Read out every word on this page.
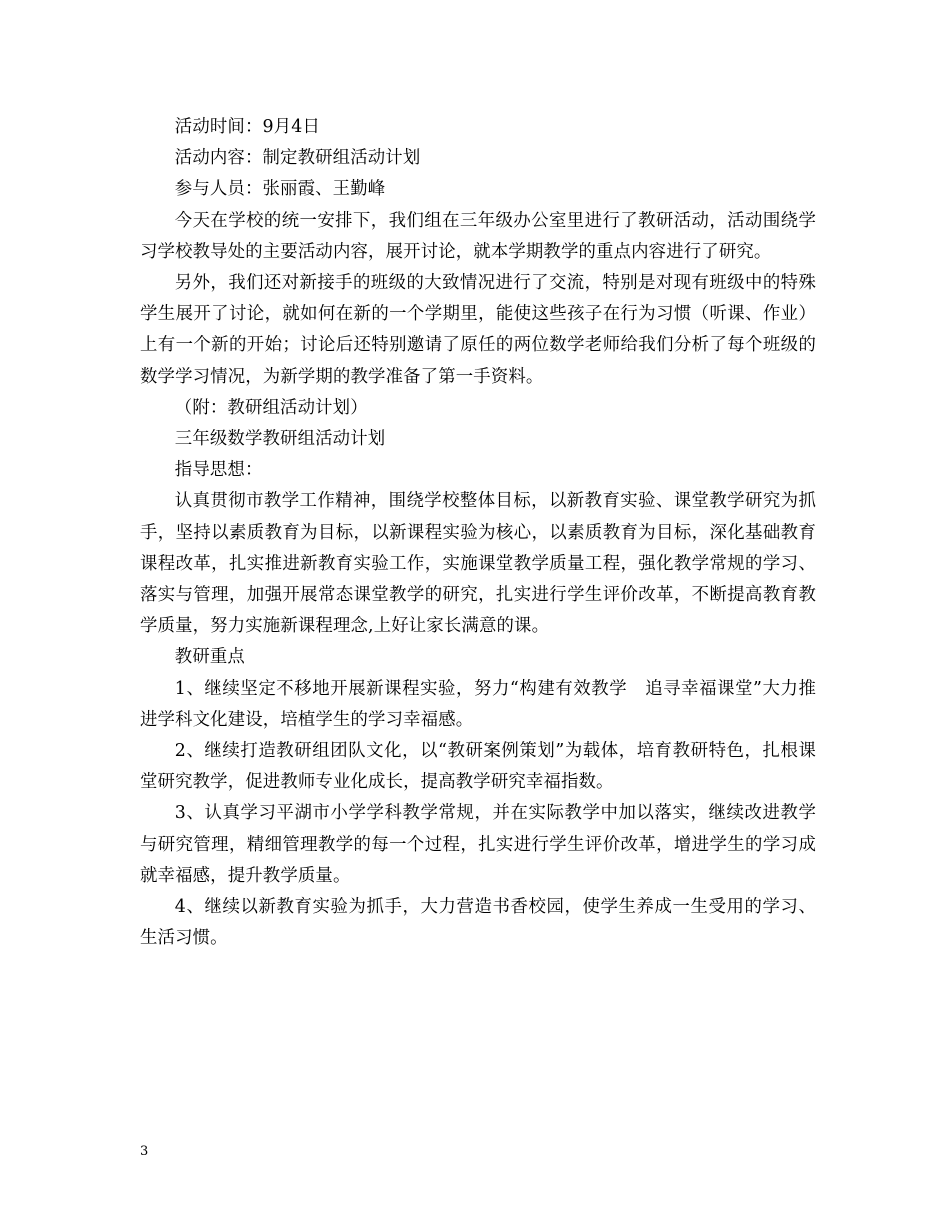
活动时间：9月4日

活动内容：制定教研组活动计划

参与人员：张丽霞、王勤峰

今天在学校的统一安排下，我们组在三年级办公室里进行了教研活动，活动围绕学习学校教导处的主要活动内容，展开讨论，就本学期教学的重点内容进行了研究。

另外，我们还对新接手的班级的大致情况进行了交流，特别是对现有班级中的特殊学生展开了讨论，就如何在新的一个学期里，能使这些孩子在行为习惯（听课、作业）上有一个新的开始；讨论后还特别邀请了原任的两位数学老师给我们分析了每个班级的数学学习情况，为新学期的教学准备了第一手资料。

（附：教研组活动计划）

三年级数学教研组活动计划

指导思想：

认真贯彻市教学工作精神，围绕学校整体目标，以新教育实验、课堂教学研究为抓手，坚持以素质教育为目标，以新课程实验为核心，以素质教育为目标，深化基础教育课程改革，扎实推进新教育实验工作，实施课堂教学质量工程，强化教学常规的学习、落实与管理，加强开展常态课堂教学的研究，扎实进行学生评价改革，不断提高教育教学质量，努力实施新课程理念,上好让家长满意的课。

教研重点

1、继续坚定不移地开展新课程实验，努力“构建有效教学　追寻幸福课堂”大力推进学科文化建设，培植学生的学习幸福感。

2、继续打造教研组团队文化，以“教研案例策划”为载体，培育教研特色，扎根课堂研究教学，促进教师专业化成长，提高教学研究幸福指数。

3、认真学习平湖市小学学科教学常规，并在实际教学中加以落实，继续改进教学与研究管理，精细管理教学的每一个过程，扎实进行学生评价改革，增进学生的学习成就幸福感，提升教学质量。

4、继续以新教育实验为抓手，大力营造书香校园，使学生养成一生受用的学习、生活习惯。

3
